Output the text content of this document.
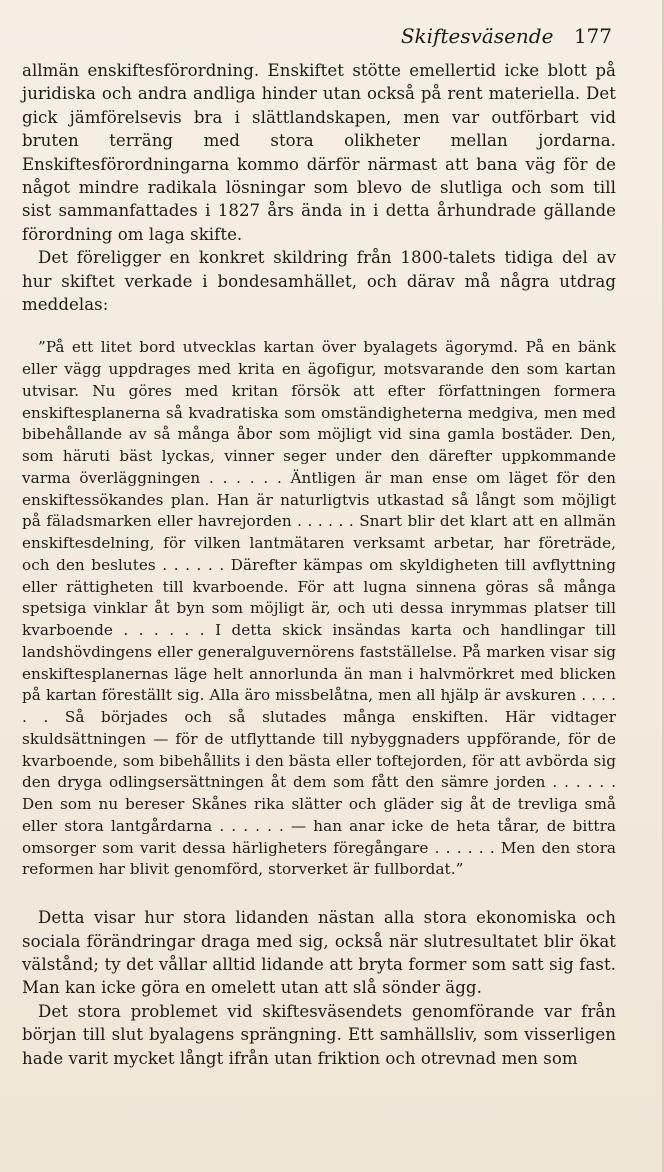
Skiftesväsende 177

allmän enskiftesförordning. Enskiftet stötte emellertid icke blott på juridiska och andra andliga hinder utan också på rent materiella. Det gick jämförelsevis bra i slättlandskapen, men var outförbart vid bruten terräng med stora olikheter mellan jordarna. Enskiftesförordningarna kommo därför närmast att bana väg för de något mindre radikala lösningar som blevo de slutliga och som till sist sammanfattades i 1827 års ända in i detta århundrade gällande förordning om laga skifte.

Det föreligger en konkret skildring från 1800-talets tidiga del av hur skiftet verkade i bondesamhället, och därav må några utdrag meddelas:

”På ett litet bord utvecklas kartan över byalagets ägorymd. På en bänk eller vägg uppdrages med krita en ägofigur, motsvarande den som kartan utvisar. Nu göres med kritan försök att efter författningen formera enskiftesplanerna så kvadratiska som omständigheterna medgiva, men med bibehållande av så många åbor som möjligt vid sina gamla bostäder. Den, som häruti bäst lyckas, vinner seger under den därefter uppkommande varma överläggningen . . . . . . Äntligen är man ense om läget för den enskiftessökandes plan. Han är naturligtvis utkastad så långt som möjligt på fäladsmarken eller havrejorden . . . . . . Snart blir det klart att en allmän enskiftesdelning, för vilken lantmätaren verksamt arbetar, har företräde, och den beslutes . . . . . . Därefter kämpas om skyldigheten till avflyttning eller rättigheten till kvarboende. För att lugna sinnena göras så många spetsiga vinklar åt byn som möjligt är, och uti dessa inrymmas platser till kvarboende . . . . . . I detta skick insändas karta och handlingar till landshövdingens eller generalguvernörens fastställelse. På marken visar sig enskiftesplanernas läge helt annorlunda än man i halvmörkret med blicken på kartan föreställt sig. Alla äro missbelåtna, men all hjälp är avskuren . . . . . . Så börjades och så slutades många enskiften. Här vidtager skuldsättningen — för de utflyttande till nybyggnaders uppförande, för de kvarboende, som bibehållits i den bästa eller toftejorden, för att avbörda sig den dryga odlingsersättningen åt dem som fått den sämre jorden . . . . . . Den som nu bereser Skånes rika slätter och gläder sig åt de trevliga små eller stora lantgårdarna . . . . . . — han anar icke de heta tårar, de bittra omsorger som varit dessa härligheters föregångare . . . . . . Men den stora reformen har blivit genomförd, storverket är fullbordat.”

Detta visar hur stora lidanden nästan alla stora ekonomiska och sociala förändringar draga med sig, också när slutresultatet blir ökat välstånd; ty det vållar alltid lidande att bryta former som satt sig fast. Man kan icke göra en omelett utan att slå sönder ägg.

Det stora problemet vid skiftesväsendets genomförande var från början till slut byalagens sprängning. Ett samhällsliv, som visserligen hade varit mycket långt ifrån utan friktion och otrevnad men som
